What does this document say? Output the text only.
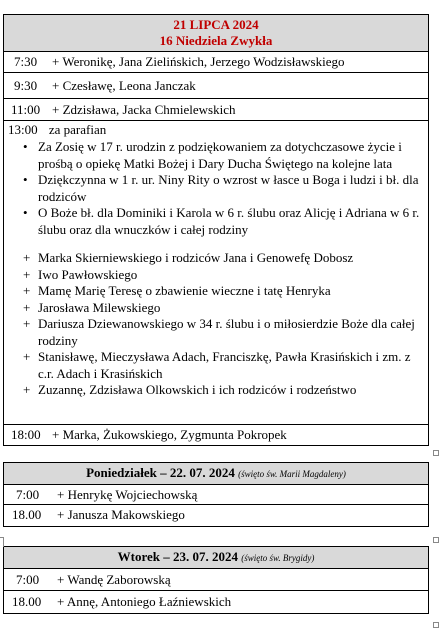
21 LIPCA 2024
16 Niedziela Zwykła
7:30 + Weronikę, Jana Zielińskich, Jerzego Wodzisławskiego
9:30 + Czesławę, Leona Janczak
11:00 + Zdzisława, Jacka Chmielewskich
13:00 za parafian
• Za Zosię w 17 r. urodzin z podziękowaniem za dotychczasowe życie i prośbą o opiekę Matki Bożej i Dary Ducha Świętego na kolejne lata
• Dziękczynna w 1 r. ur. Niny Rity o wzrost w łasce u Boga i ludzi i bł. dla rodziców
• O Boże bł. dla Dominiki i Karola w 6 r. ślubu oraz Alicję i Adriana w 6 r. ślubu oraz dla wnuczków i całej rodziny
+ Marka Skierniewskiego i rodziców Jana i Genowefę Dobosz
+ Iwo Pawłowskiego
+ Mamę Marię Teresę o zbawienie wieczne i tatę Henryka
+ Jarosława Milewskiego
+ Dariusza Dziewanowskiego w 34 r. ślubu i o miłosierdzie Boże dla całej rodziny
+ Stanisławę, Mieczysława Adach, Franciszkę, Pawła Krasińskich i zm. z c.r. Adach i Krasińskich
+ Zuzannę, Zdzisława Olkowskich i ich rodziców i rodzeństwo
18:00 + Marka, Żukowskiego, Zygmunta Pokropek
Poniedziałek – 22. 07. 2024 (święto św. Marii Magdaleny)
7:00 + Henrykę Wojciechowską
18.00 + Janusza Makowskiego
Wtorek – 23. 07. 2024 (święto św. Brygidy)
7:00 + Wandę Zaborowską
18.00 + Annę, Antoniego Łaźniewskich
